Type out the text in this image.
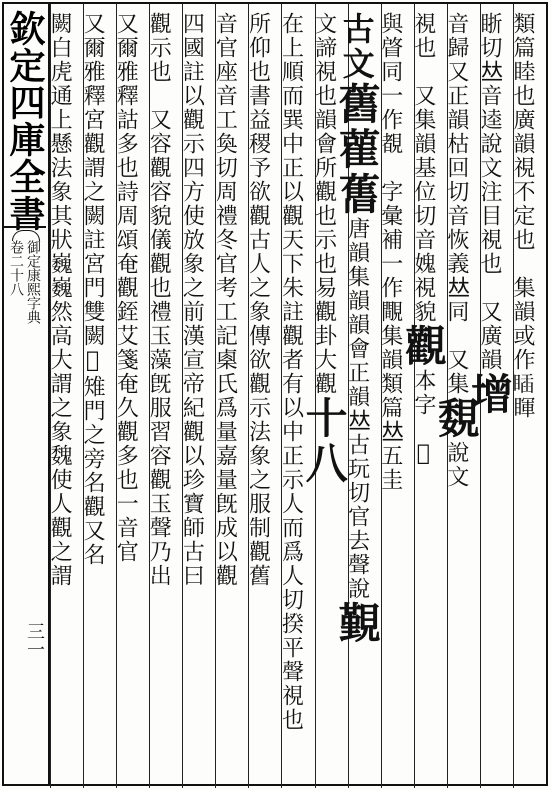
欽定四庫全書
御定康熙字典
卷二十八
三一
類篇睦也廣韻視不定也　集韻或作𥈊睴
䀿切𠀤音逵說文注目視也　又廣韻增
音歸又正韻枯回切音恢義𠀤同　又集覣說文
視也　又集韻基位切音媿視貌觀本字　𪾋
與䁈同一作覩　字彙補一作覸集韻類篇𠀤五圭
古文舊雚𦾔唐韻集韻韻會正韻𠀤古玩切官去聲說覲
文諦視也韻會所觀也示也易觀卦大觀十八
在上順而巽中正以觀天下朱註觀者有以中正示人而爲人切揆平聲視也
所仰也書益稷予欲觀古人之象傳欲觀示法象之服制觀舊
音官座音工奐切周禮冬官考工記㮚氏爲量嘉量旣成以觀
四國註以觀示四方使放象之前漢宣帝紀觀以珍寶師古曰
觀示也　又容觀容貌儀觀也禮玉藻旣服習容觀玉聲乃出
又爾雅釋詁多也詩周頌奄觀銍艾箋奄久觀多也一音官
又爾雅釋宮觀謂之闕註宮門雙闕𣲖雉門之旁名觀又名
闕白虎通上懸法象其狀巍巍然高大謂之象魏使人觀之謂
